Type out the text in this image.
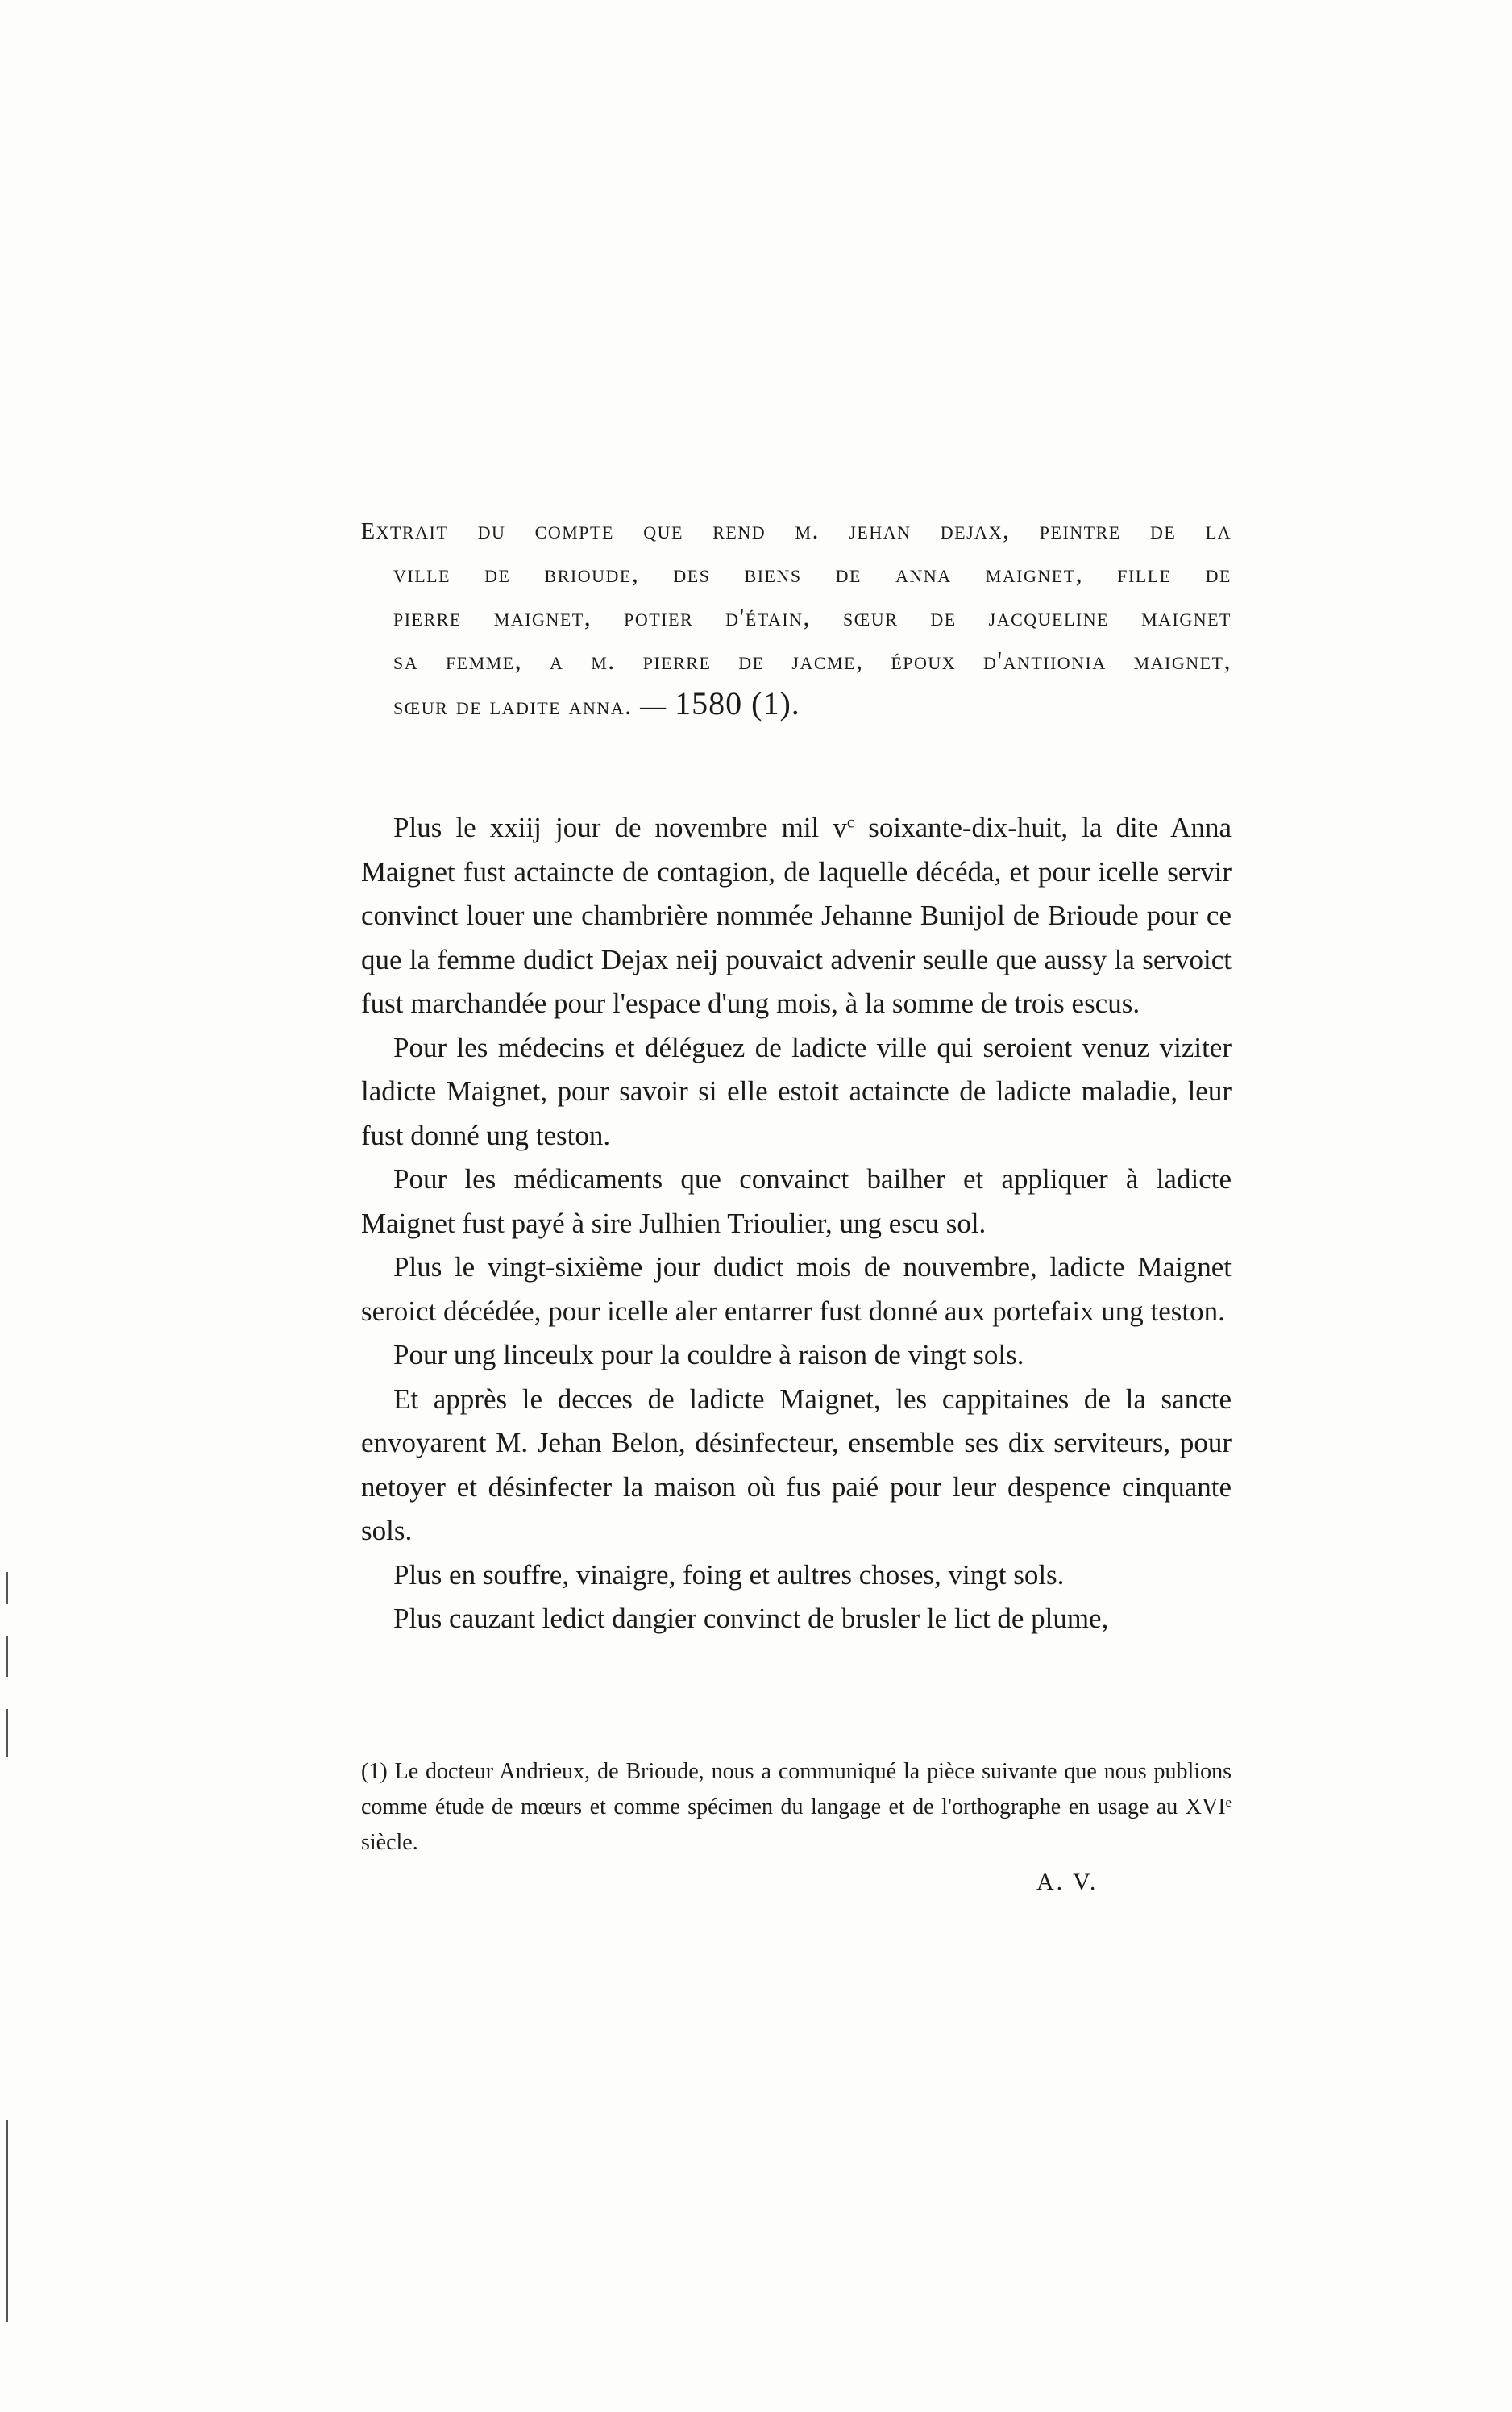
extrait du compte que rend m. jehan dejax, peintre de la
ville de brioude, des biens de anna maignet, fille de
pierre maignet, potier d'étain, sœur de jacqueline maignet
sa femme, a m. pierre de jacme, époux d'anthonia maignet,
sœur de ladite anna. — 1580 (1).

Plus le xxiij jour de novembre mil $v^c$ soixante-dix-huit, la dite Anna Maignet fust actaincte de contagion, de laquelle décéda, et pour icelle servir convinct louer une chambrière nommée Jehanne Bunijol de Brioude pour ce que la femme dudict Dejax neij pouvaict advenir seulle que aussy la servoict fust marchandée pour l'espace d'ung mois, à la somme de trois escus.

Pour les médecins et déléguez de ladicte ville qui seroient venuz viziter ladicte Maignet, pour savoir si elle estoit actaincte de ladicte maladie, leur fust donné ung teston.

Pour les médicaments que convainct bailher et appliquer à ladicte Maignet fust payé à sire Julhien Trioulier, ung escu sol.

Plus le vingt-sixième jour dudict mois de nouvembre, ladicte Maignet seroict décédée, pour icelle aler entarrer fust donné aux portefaix ung teston.

Pour ung linceulx pour la couldre à raison de vingt sols.

Et apprès le decces de ladicte Maignet, les cappitaines de la sancte envoyarent M. Jehan Belon, désinfecteur, ensemble ses dix serviteurs, pour netoyer et désinfecter la maison où fus paié pour leur despence cinquante sols.

Plus en souffre, vinaigre, foing et aultres choses, vingt sols.

Plus cauzant ledict dangier convinct de brusler le lict de plume,

(1) Le docteur Andrieux, de Brioude, nous a communiqué la pièce suivante que nous publions comme étude de mœurs et comme spécimen du langage et de l'orthographe en usage au XVIe siècle.
A. V.
